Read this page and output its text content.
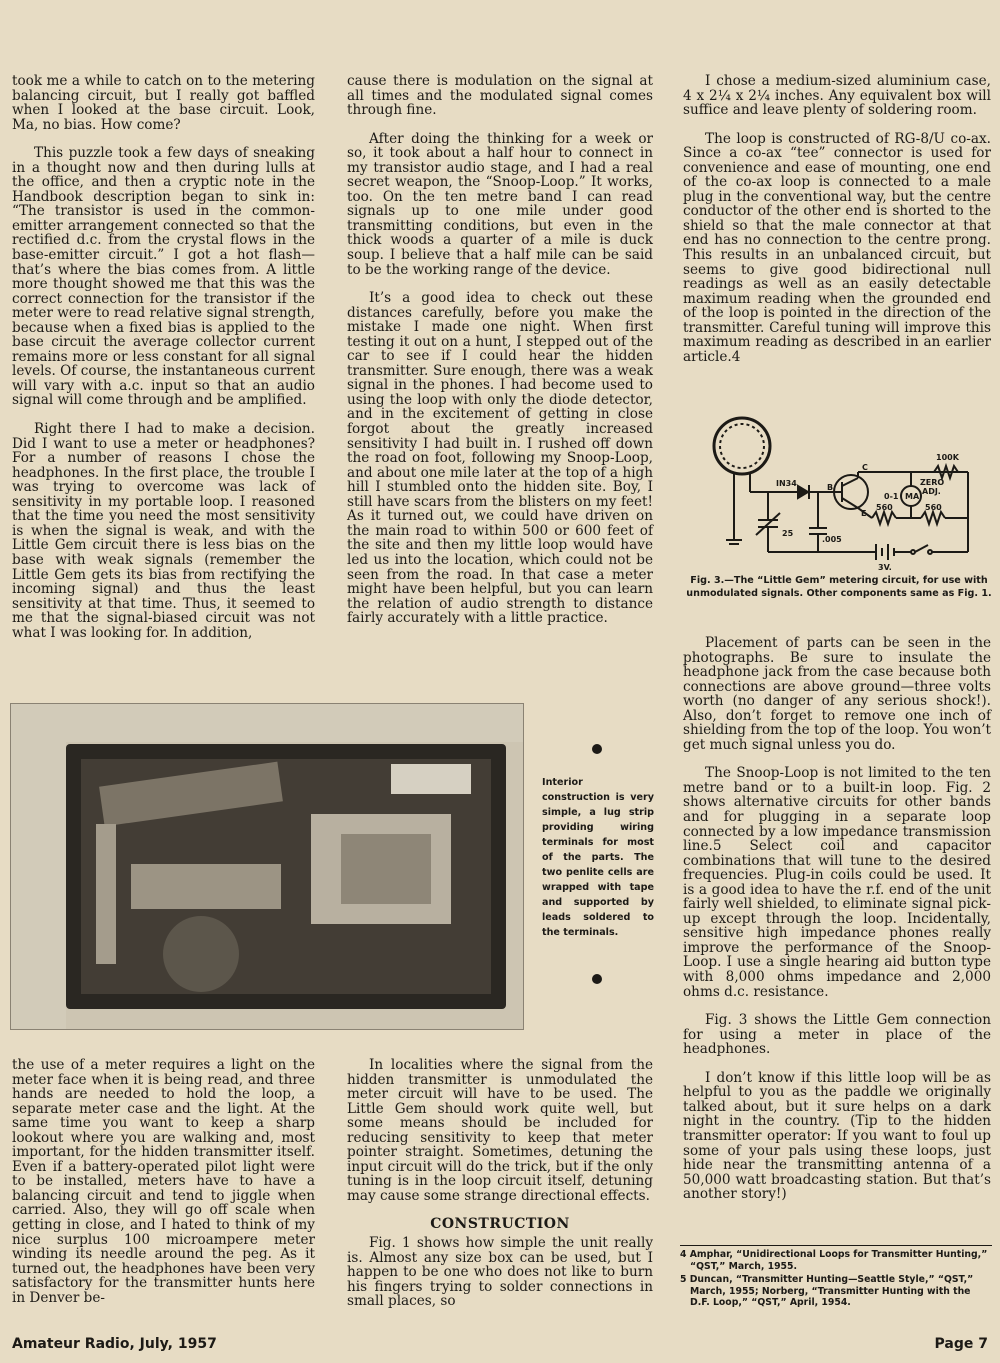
took me a while to catch on to the metering balancing circuit, but I really got baffled when I looked at the base circuit. Look, Ma, no bias. How come?

This puzzle took a few days of sneaking in a thought now and then during lulls at the office, and then a cryptic note in the Handbook description began to sink in: “The transistor is used in the common-emitter arrangement connected so that the rectified d.c. from the crystal flows in the base-emitter circuit.” I got a hot flash—that’s where the bias comes from. A little more thought showed me that this was the correct connection for the transistor if the meter were to read relative signal strength, because when a fixed bias is applied to the base circuit the average collector current remains more or less constant for all signal levels. Of course, the instantaneous current will vary with a.c. input so that an audio signal will come through and be amplified.

Right there I had to make a decision. Did I want to use a meter or headphones? For a number of reasons I chose the headphones. In the first place, the trouble I was trying to overcome was lack of sensitivity in my portable loop. I reasoned that the time you need the most sensitivity is when the signal is weak, and with the Little Gem circuit there is less bias on the base with weak signals (remember the Little Gem gets its bias from rectifying the incoming signal) and thus the least sensitivity at that time. Thus, it seemed to me that the signal-biased circuit was not what I was looking for. In addition,

cause there is modulation on the signal at all times and the modulated signal comes through fine.

After doing the thinking for a week or so, it took about a half hour to connect in my transistor audio stage, and I had a real secret weapon, the “Snoop-Loop.” It works, too. On the ten metre band I can read signals up to one mile under good transmitting conditions, but even in the thick woods a quarter of a mile is duck soup. I believe that a half mile can be said to be the working range of the device.

It’s a good idea to check out these distances carefully, before you make the mistake I made one night. When first testing it out on a hunt, I stepped out of the car to see if I could hear the hidden transmitter. Sure enough, there was a weak signal in the phones. I had become used to using the loop with only the diode detector, and in the excitement of getting in close forgot about the greatly increased sensitivity I had built in. I rushed off down the road on foot, following my Snoop-Loop, and about one mile later at the top of a high hill I stumbled onto the hidden site. Boy, I still have scars from the blisters on my feet! As it turned out, we could have driven on the main road to within 500 or 600 feet of the site and then my little loop would have led us into the location, which could not be seen from the road. In that case a meter might have been helpful, but you can learn the relation of audio strength to distance fairly accurately with a little practice.

I chose a medium-sized aluminium case, 4 x 2¼ x 2¼ inches. Any equivalent box will suffice and leave plenty of soldering room.

The loop is constructed of RG-8/U co-ax. Since a co-ax “tee” connector is used for convenience and ease of mounting, one end of the co-ax loop is connected to a male plug in the conventional way, but the centre conductor of the other end is shorted to the shield so that the male connector at that end has no connection to the centre prong. This results in an unbalanced circuit, but seems to give good bidirectional null readings as well as an easily detectable maximum reading when the grounded end of the loop is pointed in the direction of the transmitter. Careful tuning will improve this maximum reading as described in an earlier article.4

IN34	B
C
E
MA
0-1
100K
ZERO
ADJ.
560	560
25
.005
3V.
Fig. 3.—The “Little Gem” metering circuit, for use with unmodulated signals. Other components same as Fig. 1.

Placement of parts can be seen in the photographs. Be sure to insulate the headphone jack from the case because both connections are above ground—three volts worth (no danger of any serious shock!). Also, don’t forget to remove one inch of shielding from the top of the loop. You won’t get much signal unless you do.

The Snoop-Loop is not limited to the ten metre band or to a built-in loop. Fig. 2 shows alternative circuits for other bands and for plugging in a separate loop connected by a low impedance transmission line.5 Select coil and capacitor combinations that will tune to the desired frequencies. Plug-in coils could be used. It is a good idea to have the r.f. end of the unit fairly well shielded, to eliminate signal pick-up except through the loop. Incidentally, sensitive high impedance phones really improve the performance of the Snoop-Loop. I use a single hearing aid button type with 8,000 ohms impedance and 2,000 ohms d.c. resistance.

Fig. 3 shows the Little Gem connection for using a meter in place of the headphones.

I don’t know if this little loop will be as helpful to you as the paddle we originally talked about, but it sure helps on a dark night in the country. (Tip to the hidden transmitter operator: If you want to foul up some of your pals using these loops, just hide near the transmitting antenna of a 50,000 watt broadcasting station. But that’s another story!)

Interior construction is very simple, a lug strip providing wiring terminals for most of the parts. The two penlite cells are wrapped with tape and supported by leads soldered to the terminals.

the use of a meter requires a light on the meter face when it is being read, and three hands are needed to hold the loop, a separate meter case and the light. At the same time you want to keep a sharp lookout where you are walking and, most important, for the hidden transmitter itself. Even if a battery-operated pilot light were to be installed, meters have to have a balancing circuit and tend to jiggle when carried. Also, they will go off scale when getting in close, and I hated to think of my nice surplus 100 microampere meter winding its needle around the peg. As it turned out, the headphones have been very satisfactory for the transmitter hunts here in Denver be-

In localities where the signal from the hidden transmitter is unmodulated the meter circuit will have to be used. The Little Gem should work quite well, but some means should be included for reducing sensitivity to keep that meter pointer straight. Sometimes, detuning the input circuit will do the trick, but if the only tuning is in the loop circuit itself, detuning may cause some strange directional effects.

CONSTRUCTION

Fig. 1 shows how simple the unit really is. Almost any size box can be used, but I happen to be one who does not like to burn his fingers trying to solder connections in small places, so

4 Amphar, “Unidirectional Loops for Transmitter Hunting,” “QST,” March, 1955.

5 Duncan, “Transmitter Hunting—Seattle Style,” “QST,” March, 1955; Norberg, “Transmitter Hunting with the D.F. Loop,” “QST,” April, 1954.

Amateur Radio, July, 1957	Page 7
